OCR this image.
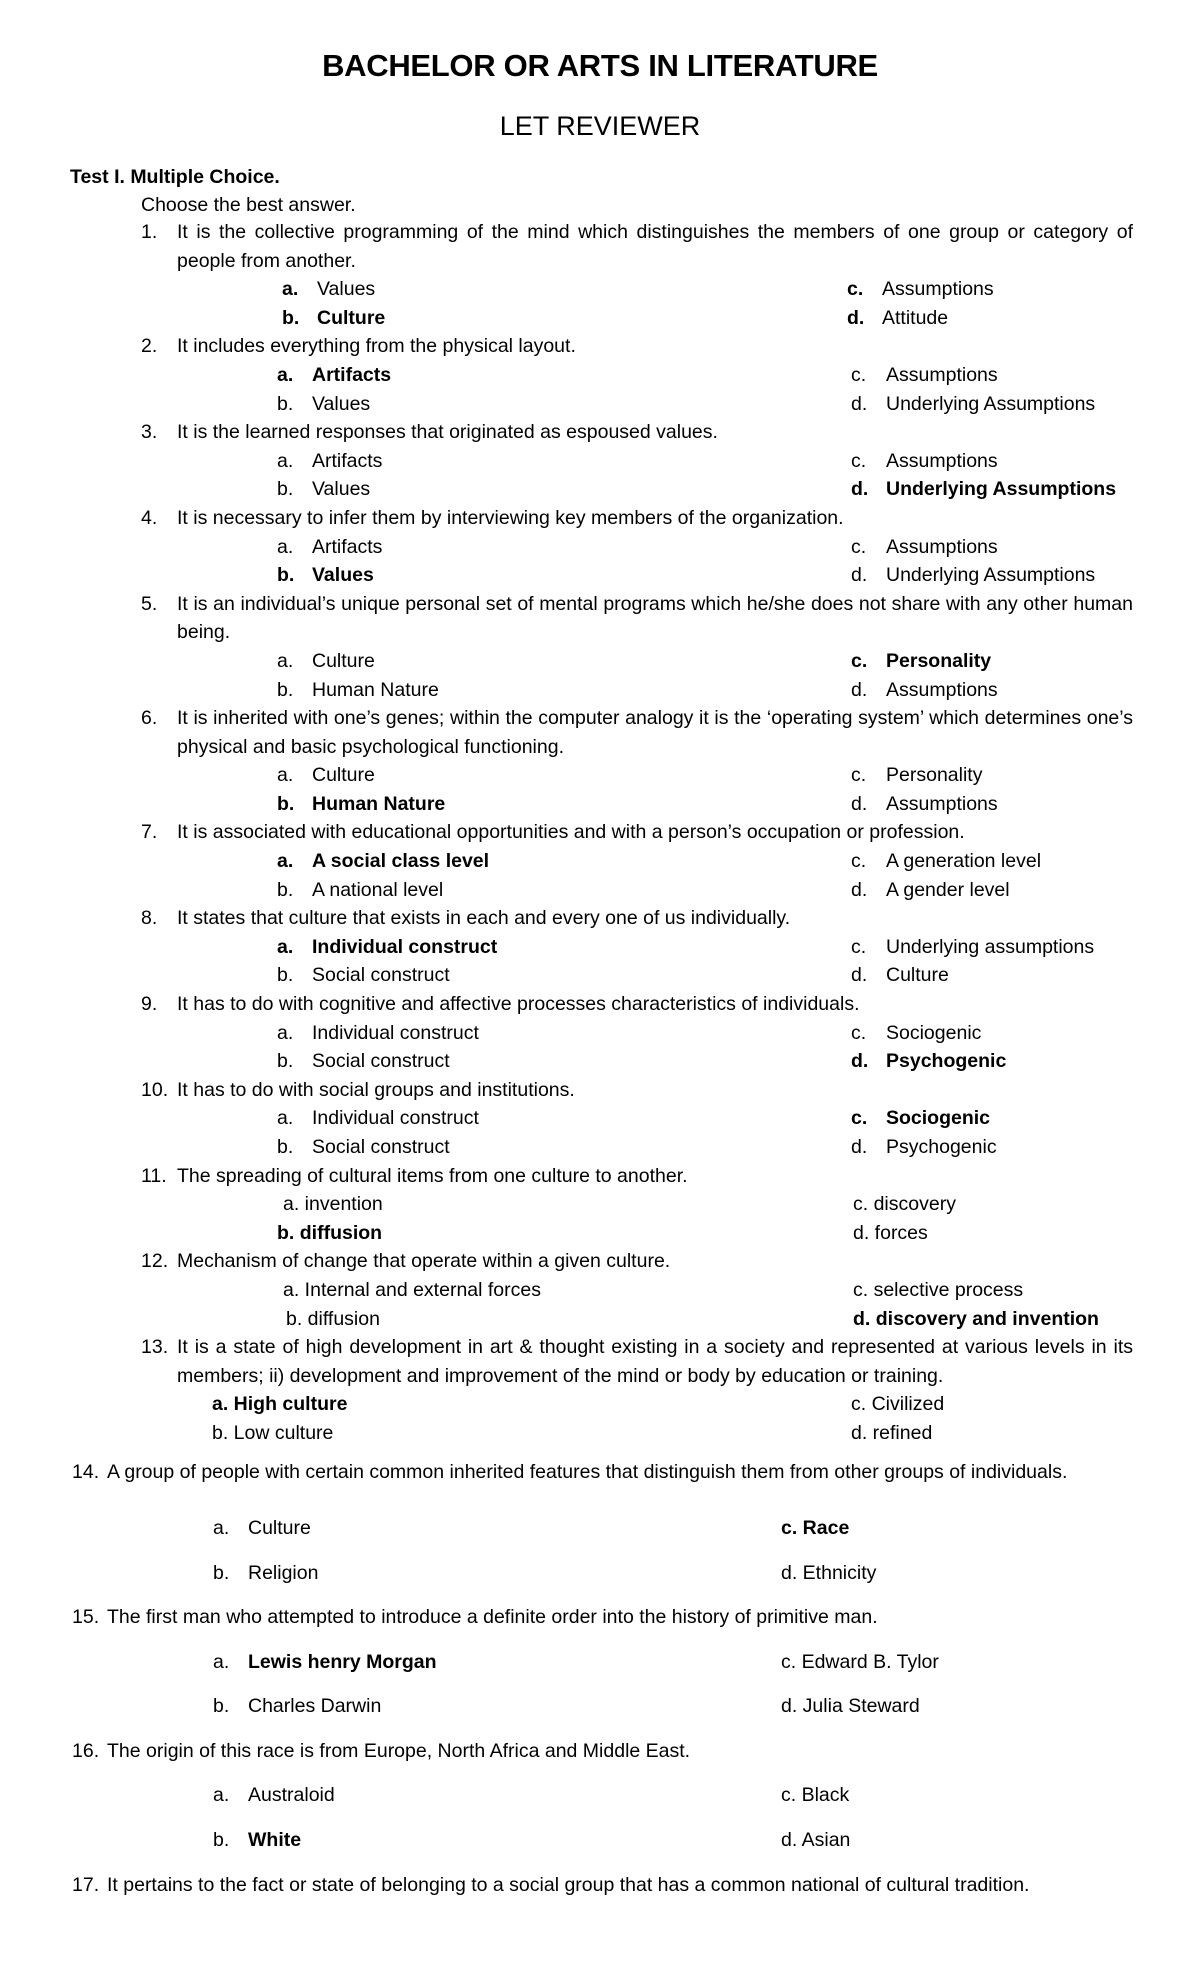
BACHELOR OR ARTS IN LITERATURE
LET REVIEWER
Test I. Multiple Choice.
Choose the best answer.
1. It is the collective programming of the mind which distinguishes the members of one group or category of people from another.
a. Values	c. Assumptions
b. Culture	d. Attitude
2. It includes everything from the physical layout.
a. Artifacts	c. Assumptions
b. Values	d. Underlying Assumptions
3. It is the learned responses that originated as espoused values.
a. Artifacts	c. Assumptions
b. Values	d. Underlying Assumptions
4. It is necessary to infer them by interviewing key members of the organization.
a. Artifacts	c. Assumptions
b. Values	d. Underlying Assumptions
5. It is an individual’s unique personal set of mental programs which he/she does not share with any other human being.
a. Culture	c. Personality
b. Human Nature	d. Assumptions
6. It is inherited with one’s genes; within the computer analogy it is the ‘operating system’ which determines one’s physical and basic psychological functioning.
a. Culture	c. Personality
b. Human Nature	d. Assumptions
7. It is associated with educational opportunities and with a person’s occupation or profession.
a. A social class level	c. A generation level
b. A national level	d. A gender level
8. It states that culture that exists in each and every one of us individually.
a. Individual construct	c. Underlying assumptions
b. Social construct	d. Culture
9. It has to do with cognitive and affective processes characteristics of individuals.
a. Individual construct	c. Sociogenic
b. Social construct	d. Psychogenic
10. It has to do with social groups and institutions.
a. Individual construct	c. Sociogenic
b. Social construct	d. Psychogenic
11. The spreading of cultural items from one culture to another.
a. invention	c. discovery
b. diffusion	d. forces
12. Mechanism of change that operate within a given culture.
a. Internal and external forces	c. selective process
b. diffusion	d. discovery and invention
13. It is a state of high development in art & thought existing in a society and represented at various levels in its members; ii) development and improvement of the mind or body by education or training.
a. High culture	c. Civilized
b. Low culture	d. refined
14. A group of people with certain common inherited features that distinguish them from other groups of individuals.
a. Culture	c. Race
b. Religion	d. Ethnicity
15. The first man who attempted to introduce a definite order into the history of primitive man.
a. Lewis henry Morgan	c. Edward B. Tylor
b. Charles Darwin	d. Julia Steward
16. The origin of this race is from Europe, North Africa and Middle East.
a. Australoid	c. Black
b. White	d. Asian
17. It pertains to the fact or state of belonging to a social group that has a common national of cultural tradition.
